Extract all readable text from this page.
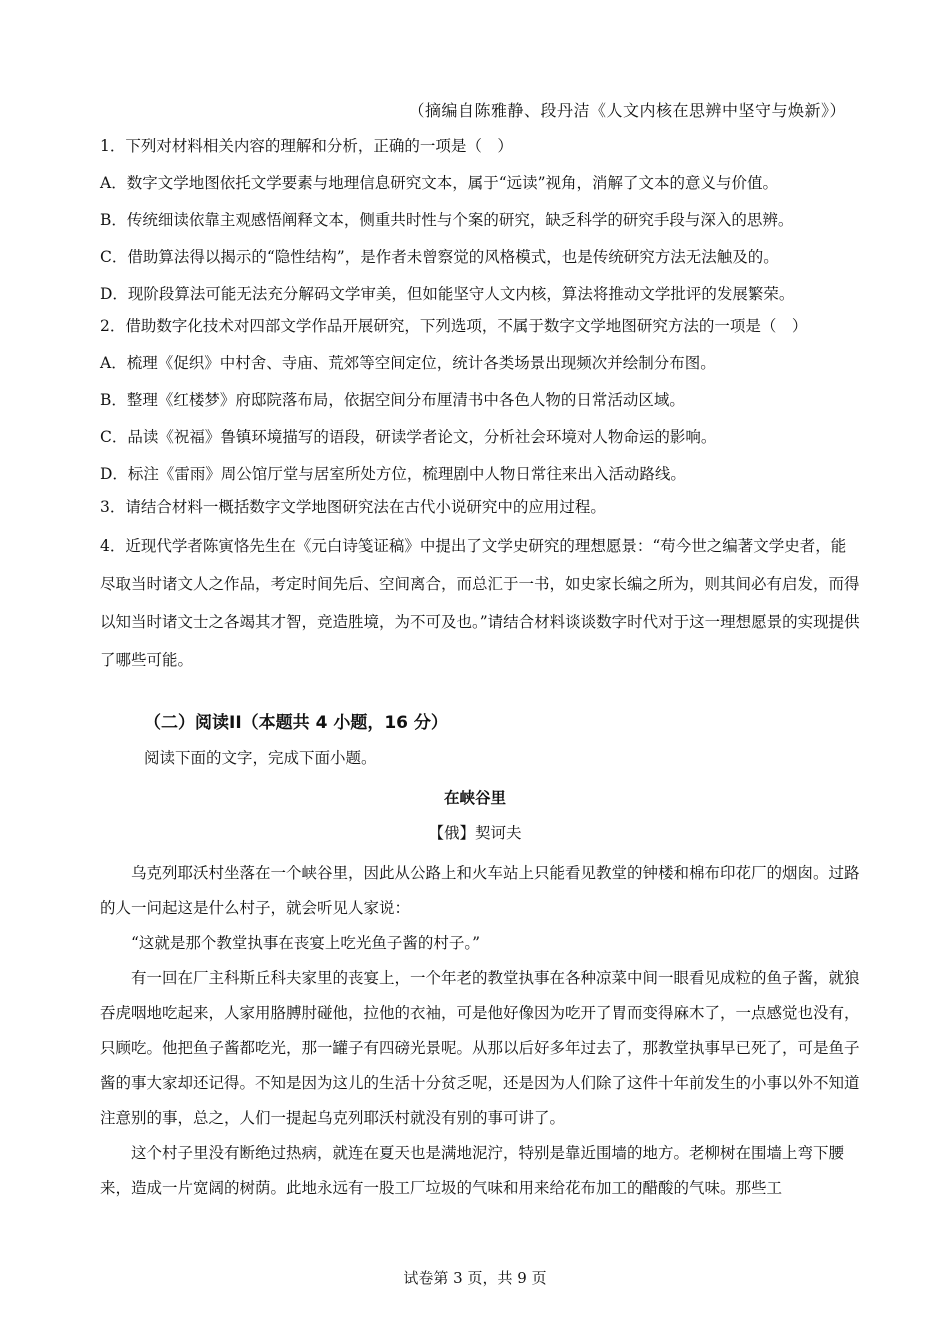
（摘编自陈雅静、段丹洁《人文内核在思辨中坚守与焕新》）

1．下列对材料相关内容的理解和分析，正确的一项是（　）

A．数字文学地图依托文学要素与地理信息研究文本，属于“远读”视角，消解了文本的意义与价值。

B．传统细读依靠主观感悟阐释文本，侧重共时性与个案的研究，缺乏科学的研究手段与深入的思辨。

C．借助算法得以揭示的“隐性结构”，是作者未曾察觉的风格模式，也是传统研究方法无法触及的。

D．现阶段算法可能无法充分解码文学审美，但如能坚守人文内核，算法将推动文学批评的发展繁荣。

2．借助数字化技术对四部文学作品开展研究，下列选项，不属于数字文学地图研究方法的一项是（　）

A．梳理《促织》中村舍、寺庙、荒郊等空间定位，统计各类场景出现频次并绘制分布图。

B．整理《红楼梦》府邸院落布局，依据空间分布厘清书中各色人物的日常活动区域。

C．品读《祝福》鲁镇环境描写的语段，研读学者论文，分析社会环境对人物命运的影响。

D．标注《雷雨》周公馆厅堂与居室所处方位，梳理剧中人物日常往来出入活动路线。

3．请结合材料一概括数字文学地图研究法在古代小说研究中的应用过程。

4．近现代学者陈寅恪先生在《元白诗笺证稿》中提出了文学史研究的理想愿景：“苟今世之编著文学史者，能尽取当时诸文人之作品，考定时间先后、空间离合，而总汇于一书，如史家长编之所为，则其间必有启发，而得以知当时诸文士之各竭其才智，竞造胜境，为不可及也。”请结合材料谈谈数字时代对于这一理想愿景的实现提供了哪些可能。

（二）阅读II（本题共 4 小题，16 分）
阅读下面的文字，完成下面小题。
在峡谷里
【俄】契诃夫

乌克列耶沃村坐落在一个峡谷里，因此从公路上和火车站上只能看见教堂的钟楼和棉布印花厂的烟囱。过路的人一问起这是什么村子，就会听见人家说：

“这就是那个教堂执事在丧宴上吃光鱼子酱的村子。”

有一回在厂主科斯丘科夫家里的丧宴上，一个年老的教堂执事在各种凉菜中间一眼看见成粒的鱼子酱，就狼吞虎咽地吃起来，人家用胳膊肘碰他，拉他的衣袖，可是他好像因为吃开了胃而变得麻木了，一点感觉也没有，只顾吃。他把鱼子酱都吃光，那一罐子有四磅光景呢。从那以后好多年过去了，那教堂执事早已死了，可是鱼子酱的事大家却还记得。不知是因为这儿的生活十分贫乏呢，还是因为人们除了这件十年前发生的小事以外不知道注意别的事，总之，人们一提起乌克列耶沃村就没有别的事可讲了。

这个村子里没有断绝过热病，就连在夏天也是满地泥泞，特别是靠近围墙的地方。老柳树在围墙上弯下腰来，造成一片宽阔的树荫。此地永远有一股工厂垃圾的气味和用来给花布加工的醋酸的气味。那些工

试卷第 3 页，共 9 页
